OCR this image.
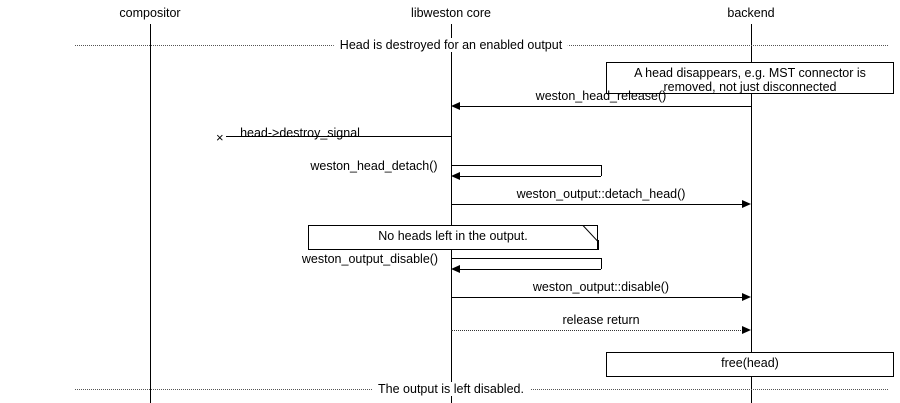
compositor	libweston core	backend
Head is destroyed for an enabled output
A head disappears, e.g. MST connector is removed, not just disconnected
weston_head_release()
× head->destroy_signal
weston_head_detach()
weston_output::detach_head()
No heads left in the output.
weston_output_disable()
weston_output::disable()
release return
free(head)
The output is left disabled.
